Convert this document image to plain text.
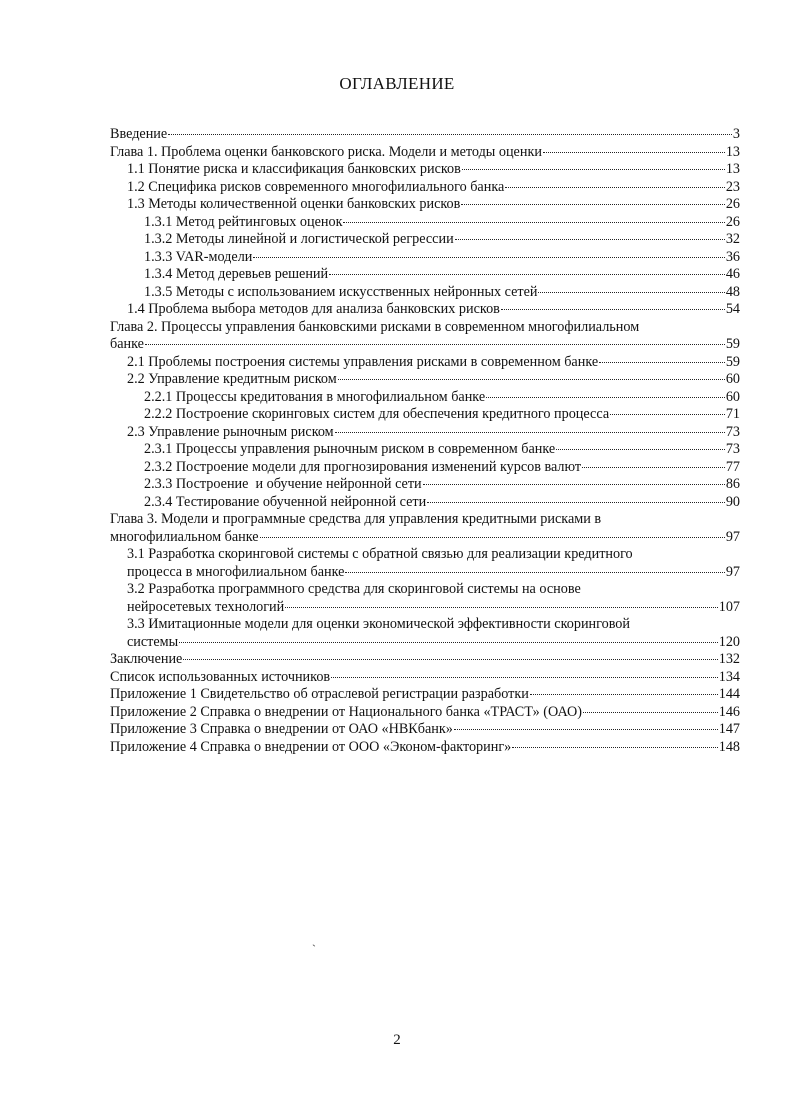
ОГЛАВЛЕНИЕ
Введение	3
Глава 1. Проблема оценки банковского риска. Модели и методы оценки	13
1.1 Понятие риска и классификация банковских рисков	13
1.2 Специфика рисков современного многофилиального банка	23
1.3 Методы количественной оценки банковских рисков	26
1.3.1 Метод рейтинговых оценок	26
1.3.2 Методы линейной и логистической регрессии	32
1.3.3 VAR-модели	36
1.3.4 Метод деревьев решений	46
1.3.5 Методы с использованием искусственных нейронных сетей	48
1.4 Проблема выбора методов для анализа банковских рисков	54
Глава 2. Процессы управления банковскими рисками в современном многофилиальном
банке	59
2.1 Проблемы построения системы управления рисками в современном банке	59
2.2 Управление кредитным риском	60
2.2.1 Процессы кредитования в многофилиальном банке	60
2.2.2 Построение скоринговых систем для обеспечения кредитного процесса	71
2.3 Управление рыночным риском	73
2.3.1 Процессы управления рыночным риском в современном банке	73
2.3.2 Построение модели для прогнозирования изменений курсов валют	77
2.3.3 Построение  и обучение нейронной сети	86
2.3.4 Тестирование обученной нейронной сети	90
Глава 3. Модели и программные средства для управления кредитными рисками в
многофилиальном банке	97
3.1 Разработка скоринговой системы с обратной связью для реализации кредитного
процесса в многофилиальном банке	97
3.2 Разработка программного средства для скоринговой системы на основе
нейросетевых технологий	107
3.3 Имитационные модели для оценки экономической эффективности скоринговой
системы	120
Заключение	132
Список использованных источников	134
Приложение 1 Свидетельство об отраслевой регистрации разработки	144
Приложение 2 Справка о внедрении от Национального банка «ТРАСТ» (ОАО)	146
Приложение 3 Справка о внедрении от ОАО «НВКбанк»	147
Приложение 4 Справка о внедрении от ООО «Эконом-факторинг»	148
`
2
